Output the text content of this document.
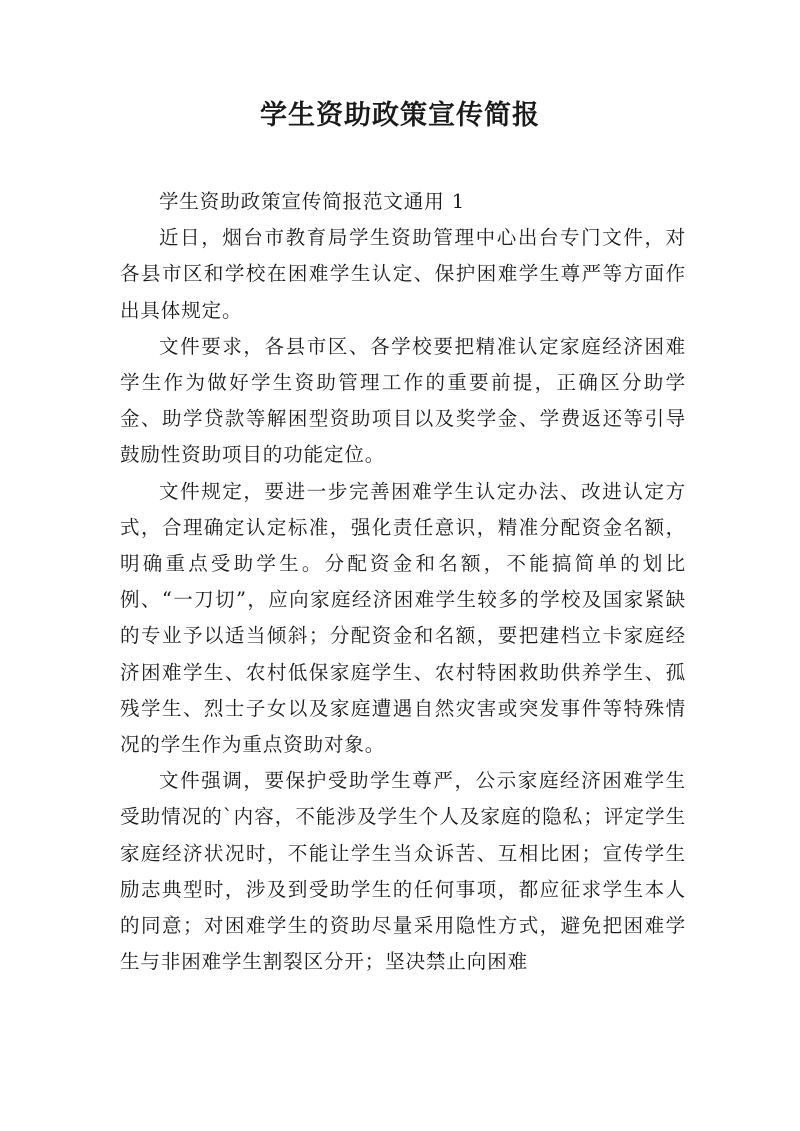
学生资助政策宣传简报

学生资助政策宣传简报范文通用 1

近日，烟台市教育局学生资助管理中心出台专门文件，对各县市区和学校在困难学生认定、保护困难学生尊严等方面作出具体规定。

文件要求，各县市区、各学校要把精准认定家庭经济困难学生作为做好学生资助管理工作的重要前提，正确区分助学金、助学贷款等解困型资助项目以及奖学金、学费返还等引导鼓励性资助项目的功能定位。

文件规定，要进一步完善困难学生认定办法、改进认定方式，合理确定认定标准，强化责任意识，精准分配资金名额，明确重点受助学生。分配资金和名额，不能搞简单的划比例、“一刀切”，应向家庭经济困难学生较多的学校及国家紧缺的专业予以适当倾斜；分配资金和名额，要把建档立卡家庭经济困难学生、农村低保家庭学生、农村特困救助供养学生、孤残学生、烈士子女以及家庭遭遇自然灾害或突发事件等特殊情况的学生作为重点资助对象。

文件强调，要保护受助学生尊严，公示家庭经济困难学生受助情况的`内容，不能涉及学生个人及家庭的隐私；评定学生家庭经济状况时，不能让学生当众诉苦、互相比困；宣传学生励志典型时，涉及到受助学生的任何事项，都应征求学生本人的同意；对困难学生的资助尽量采用隐性方式，避免把困难学生与非困难学生割裂区分开；坚决禁止向困难
